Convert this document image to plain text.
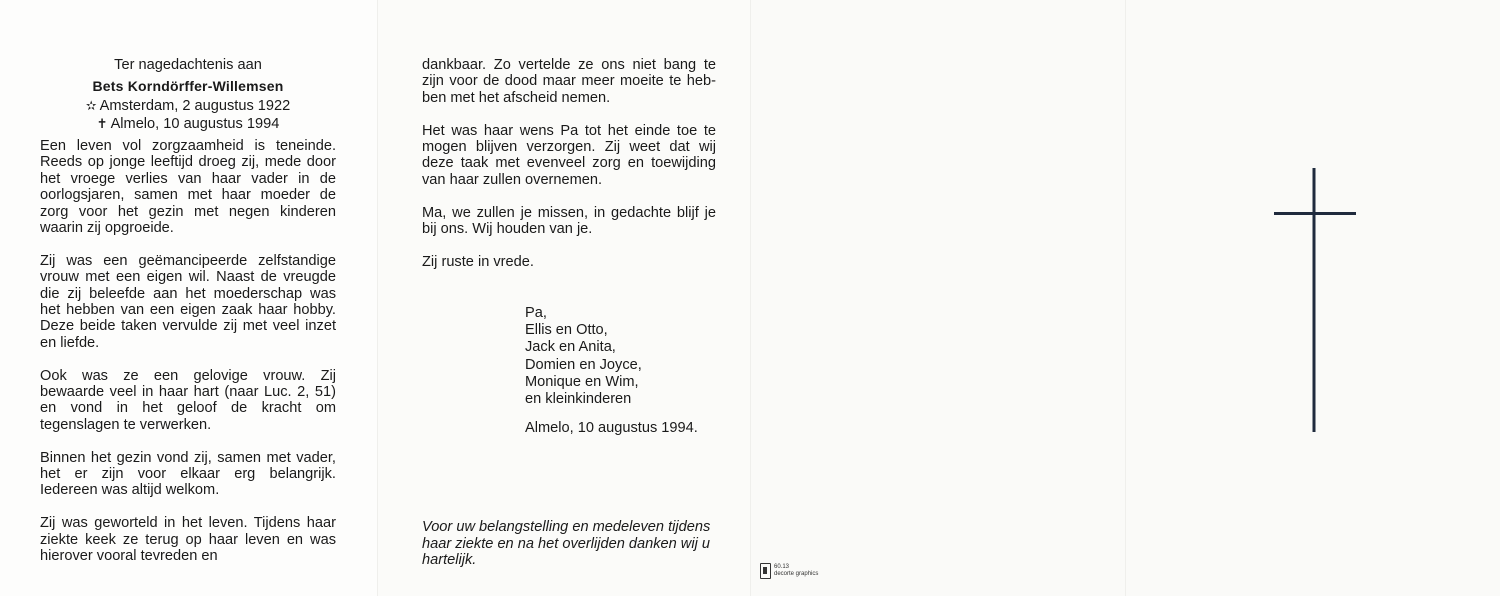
Ter nagedachtenis aan
Bets Korndörffer-Willemsen
✫ Amsterdam, 2 augustus 1922
✝ Almelo, 10 augustus 1994

Een leven vol zorgzaamheid is teneinde. Reeds op jonge leeftijd droeg zij, mede door het vroege verlies van haar vader in de oorlogsjaren, samen met haar moeder de zorg voor het gezin met negen kinderen waarin zij opgroeide.

Zij was een geëmancipeerde zelfstandige vrouw met een eigen wil. Naast de vreugde die zij beleefde aan het moederschap was het hebben van een eigen zaak haar hobby. Deze beide taken vervulde zij met veel inzet en liefde.

Ook was ze een gelovige vrouw. Zij bewaarde veel in haar hart (naar Luc. 2, 51) en vond in het geloof de kracht om tegenslagen te verwerken.

Binnen het gezin vond zij, samen met vader, het er zijn voor elkaar erg belangrijk. Iedereen was altijd welkom.

Zij was geworteld in het leven. Tijdens haar ziekte keek ze terug op haar leven en was hierover vooral tevreden en

dankbaar. Zo vertelde ze ons niet bang te zijn voor de dood maar meer moeite te heb-ben met het afscheid nemen.

Het was haar wens Pa tot het einde toe te mogen blijven verzorgen. Zij weet dat wij deze taak met evenveel zorg en toewijding van haar zullen overnemen.

Ma, we zullen je missen, in gedachte blijf je bij ons. Wij houden van je.

Zij ruste in vrede.

Pa,
Ellis en Otto,
Jack en Anita,
Domien en Joyce,
Monique en Wim,
en kleinkinderen
Almelo, 10 augustus 1994.
Voor uw belangstelling en medeleven tijdens haar ziekte en na het overlijden danken wij u hartelijk.	60.13
decorte graphics
